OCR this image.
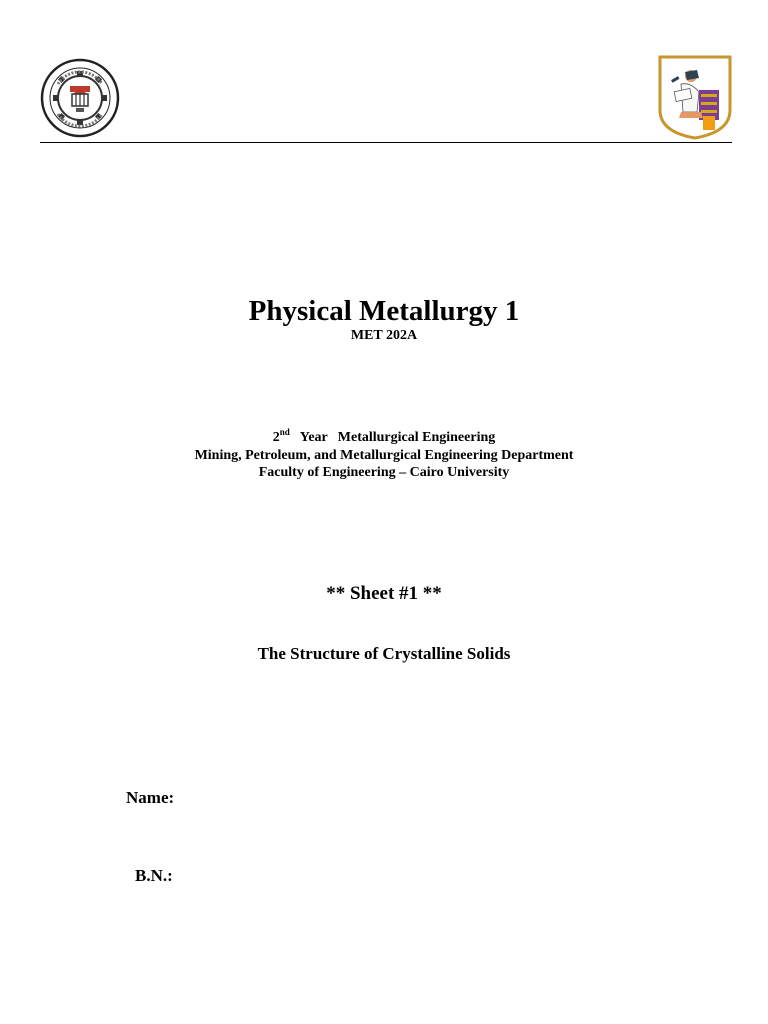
Physical Metallurgy 1
MET 202A
2nd Year Metallurgical Engineering
Mining, Petroleum, and Metallurgical Engineering Department
Faculty of Engineering – Cairo University
** Sheet #1 **
The Structure of Crystalline Solids
Name:
B.N.:
